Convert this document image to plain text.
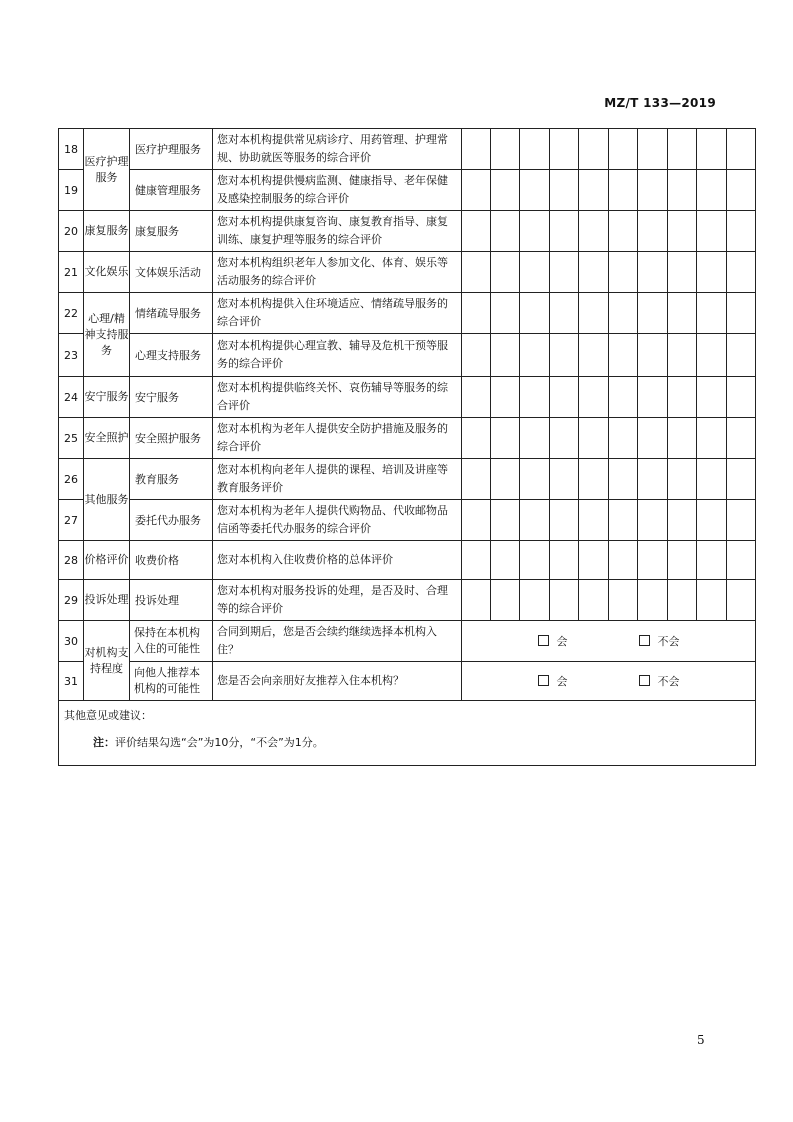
MZ/T 133—2019
18	医疗护理服务	医疗护理服务	您对本机构提供常见病诊疗、用药管理、护理常规、协助就医等服务的综合评价										
19		健康管理服务	您对本机构提供慢病监测、健康指导、老年保健及感染控制服务的综合评价										
20	康复服务	康复服务	您对本机构提供康复咨询、康复教育指导、康复训练、康复护理等服务的综合评价										
21	文化娱乐	文体娱乐活动	您对本机构组织老年人参加文化、体育、娱乐等活动服务的综合评价										
22	心理/精神支持服务	情绪疏导服务	您对本机构提供入住环境适应、情绪疏导服务的综合评价										
23		心理支持服务	您对本机构提供心理宣教、辅导及危机干预等服务的综合评价										
24	安宁服务	安宁服务	您对本机构提供临终关怀、哀伤辅导等服务的综合评价										
25	安全照护	安全照护服务	您对本机构为老年人提供安全防护措施及服务的综合评价										
26	其他服务	教育服务	您对本机构向老年人提供的课程、培训及讲座等教育服务评价										
27		委托代办服务	您对本机构为老年人提供代购物品、代收邮物品信函等委托代办服务的综合评价										
28	价格评价	收费价格	您对本机构入住收费价格的总体评价										
29	投诉处理	投诉处理	您对本机构对服务投诉的处理，是否及时、合理等的综合评价										
30	对机构支持程度	保持在本机构入住的可能性	合同到期后，您是否会续约继续选择本机构入住？	会 不会									

31		向他人推荐本机构的可能性	您是否会向亲朋好友推荐入住本机构？	会 不会									

其他意见或建议：													
注：评价结果勾选“会”为10分，“不会”为1分。
5
